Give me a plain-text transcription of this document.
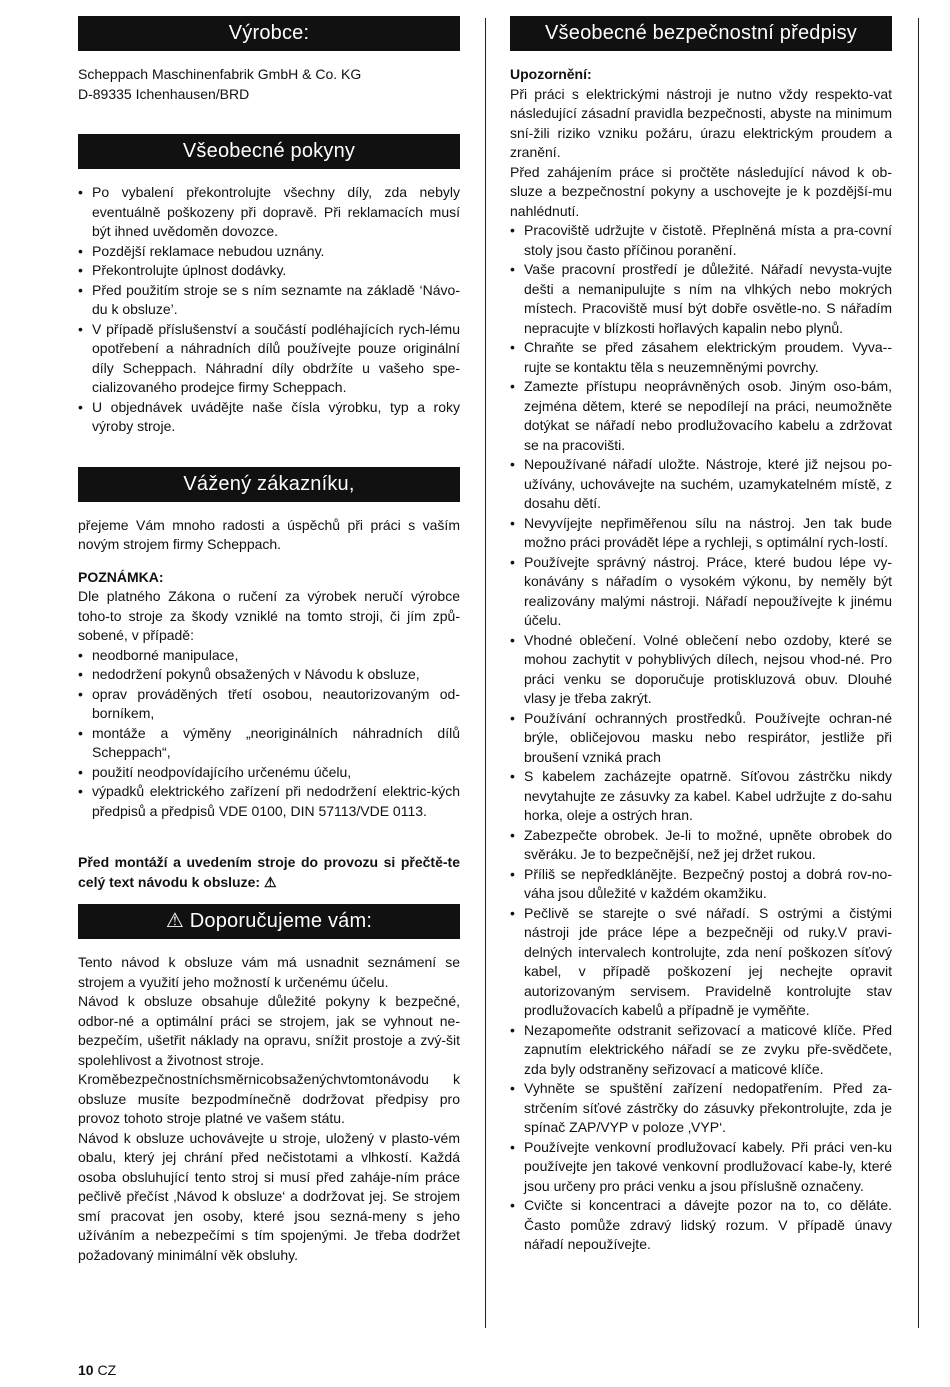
Výrobce:

Scheppach Maschinenfabrik GmbH & Co. KG

D-89335 Ichenhausen/BRD

Všeobecné pokyny
• Po vybalení překontrolujte všechny díly, zda nebyly eventuálně poškozeny při dopravě. Při reklamacích musí být ihned uvědoměn dovozce.
• Pozdější reklamace nebudou uznány.
• Překontrolujte úplnost dodávky.
• Před použitím stroje se s ním seznamte na základě ‘Návo-du k obsluze’.
• V případě příslušenství a součástí podléhajících rych-lému opotřebení a náhradních dílů používejte pouze originální díly Scheppach. Náhradní díly obdržíte u vašeho spe-cializovaného prodejce firmy Scheppach.
• U objednávek uvádějte naše čísla výrobku, typ a roky výroby stroje.
Vážený zákazníku,

přejeme Vám mnoho radosti a úspěchů při práci s vaším novým strojem firmy Scheppach.

POZNÁMKA:

Dle platného Zákona o ručení za výrobek neručí výrobce toho-to stroje za škody vzniklé na tomto stroji, či jím způ-sobené, v případě:

• neodborné manipulace,
• nedodržení pokynů obsažených v Návodu k obsluze,
• oprav prováděných třetí osobou, neautorizovaným od-borníkem,
• montáže a výměny „neoriginálních náhradních dílů Scheppach“,
• použití neodpovídajícího určenému účelu,
• výpadků elektrického zařízení při nedodržení elektric-kých předpisů a předpisů VDE 0100, DIN 57113/VDE 0113.

Před montáží a uvedením stroje do provozu si přečtě-te celý text návodu k obsluze: ⚠

⚠ Doporučujeme vám:

Tento návod k obsluze vám má usnadnit seznámení se strojem a využití jeho možností k určenému účelu.

Návod k obsluze obsahuje důležité pokyny k bezpečné, odbor-né a optimální práci se strojem, jak se vyhnout ne-bezpečím, ušetřit náklady na opravu, snížit prostoje a zvý-šit spolehlivost a životnost stroje.

Kroměbezpečnostníchsměrnicobsaženýchvtomtonávodu k obsluze musíte bezpodmínečně dodržovat předpisy pro provoz tohoto stroje platné ve vašem státu.

Návod k obsluze uchovávejte u stroje, uložený v plasto-vém obalu, který jej chrání před nečistotami a vlhkostí. Každá osoba obsluhující tento stroj si musí před zahájе-ním práce pečlivě přečíst ‚Návod k obsluze‘ a dodržovat jej. Se strojem smí pracovat jen osoby, které jsou sezná-meny s jeho užíváním a nebezpečími s tím spojenými. Je třeba dodržet požadovaný minimální věk obsluhy.

Všeobecné bezpečnostní předpisy

Upozornění:

Při práci s elektrickými nástroji je nutno vždy respekto-vat následující zásadní pravidla bezpečnosti, abyste na minimum sní-žili riziko vzniku požáru, úrazu elektrickým proudem a zranění.

Před zahájením práce si pročtěte následující návod k ob-sluze a bezpečnostní pokyny a uschovejte je k pozdější-mu nahlédnutí.

• Pracoviště udržujte v čistotě. Přeplněná místa a pra-covní stoly jsou často příčinou poranění.
• Vaše pracovní prostředí je důležité. Nářadí nevysta-vujte dešti a nemanipulujte s ním na vlhkých nebo mokrých místech. Pracoviště musí být dobře osvětle-no. S nářadím nepracujte v blízkosti hořlavých kapalin nebo plynů.
• Chraňte se před zásahem elektrickým proudem. Vyva--rujte se kontaktu těla s neuzemněnými povrchy.
• Zamezte přístupu neoprávněných osob. Jiným oso-bám, zejména dětem, které se nepodílejí na práci, neumožněte dotýkat se nářadí nebo prodlužovacího kabelu a zdržovat se na pracovišti.
• Nepoužívané nářadí uložte. Nástroje, které již nejsou po-užívány, uchovávejte na suchém, uzamykatelném místě, z dosahu dětí.
• Nevyvíjejte nepřiměřenou sílu na nástroj. Jen tak bude možno práci provádět lépe a rychleji, s optimální rych-lostí.
• Používejte správný nástroj. Práce, které budou lépe vy-konávány s nářadím o vysokém výkonu, by neměly být realizovány malými nástroji. Nářadí nepoužívejte k jinému účelu.
• Vhodné oblečení. Volné oblečení nebo ozdoby, které se mohou zachytit v pohyblivých dílech, nejsou vhod-né. Pro práci venku se doporučuje protiskluzová obuv. Dlouhé vlasy je třeba zakrýt.
• Používání ochranných prostředků. Používejte ochran-né brýle, obličejovou masku nebo respirátor, jestliže při broušení vzniká prach
• S kabelem zacházejte opatrně. Síťovou zástrčku nikdy nevytahujte ze zásuvky za kabel. Kabel udržujte z do-sahu horka, oleje a ostrých hran.
• Zabezpečte obrobek. Je-li to možné, upněte obrobek do svěráku. Je to bezpečnější, než jej držet rukou.
• Příliš se nepředklánějte. Bezpečný postoj a dobrá rov-no-váha jsou důležité v každém okamžiku.
• Pečlivě se starejte o své nářadí. S ostrými a čistými nástroji jde práce lépe a bezpečněji od ruky.V pravi-delných intervalech kontrolujte, zda není poškozen síťový kabel, v případě poškození jej nechejte opravit autorizovaným servisem. Pravidelně kontrolujte stav prodlužovacích kabelů a případně je vyměňte.
• Nezapomeňte odstranit seřizovací a maticové klíče. Před zapnutím elektrického nářadí se ze zvyku pře-svědčete, zda byly odstraněny seřizovací a maticové klíče.
• Vyhněte se spuštění zařízení nedopatřením. Před za-strčením síťové zástrčky do zásuvky překontrolujte, zda je spínač ZAP/VYP v poloze ‚VYP‘.
• Používejte venkovní prodlužovací kabely. Při práci ven-ku používejte jen takové venkovní prodlužovací kabe-ly, které jsou určeny pro práci venku a jsou příslušně označeny.
• Cvičte si koncentraci a dávejte pozor na to, co děláte. Často pomůže zdravý lidský rozum. V případě únavy nářadí nepoužívejte.
10 CZ
